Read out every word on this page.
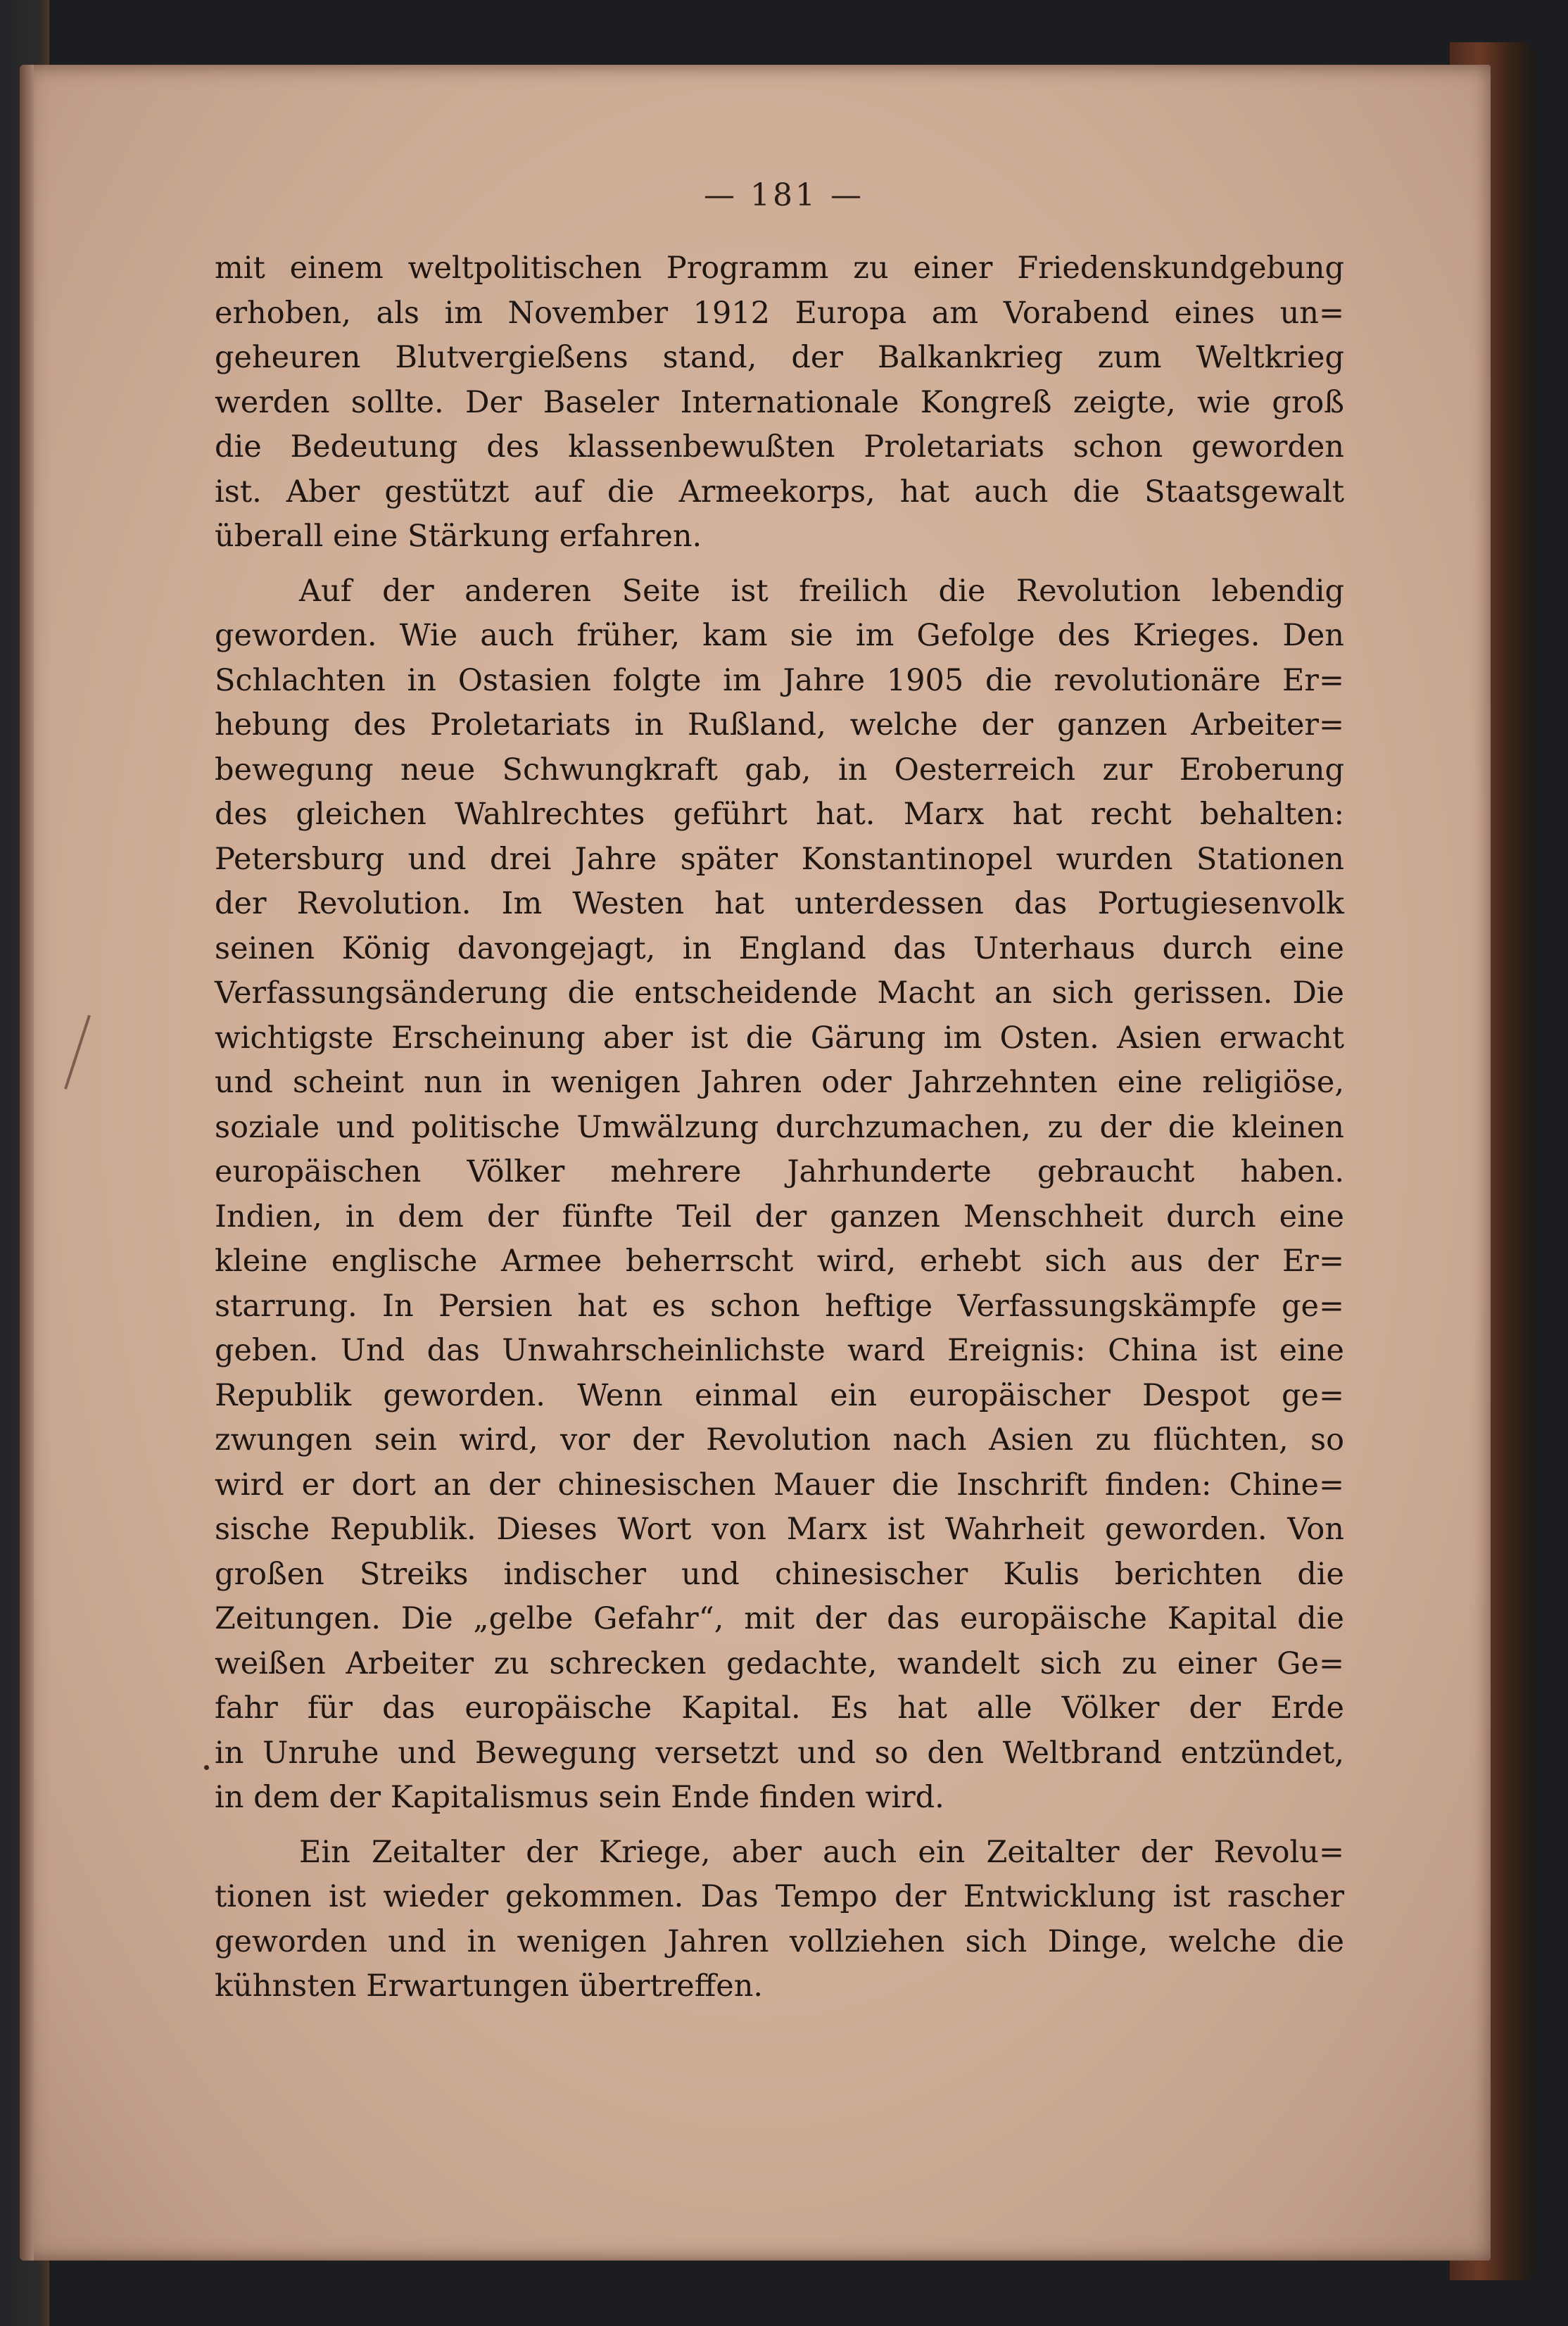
— 181 —
mit einem weltpolitischen Programm zu einer Friedenskundgebung
erhoben, als im November 1912 Europa am Vorabend eines un=
geheuren Blutvergießens stand, der Balkankrieg zum Weltkrieg
werden sollte. Der Baseler Internationale Kongreß zeigte, wie groß
die Bedeutung des klassenbewußten Proletariats schon geworden
ist. Aber gestützt auf die Armeekorps, hat auch die Staatsgewalt
überall eine Stärkung erfahren.
Auf der anderen Seite ist freilich die Revolution lebendig
geworden. Wie auch früher, kam sie im Gefolge des Krieges. Den
Schlachten in Ostasien folgte im Jahre 1905 die revolutionäre Er=
hebung des Proletariats in Rußland, welche der ganzen Arbeiter=
bewegung neue Schwungkraft gab, in Oesterreich zur Eroberung
des gleichen Wahlrechtes geführt hat. Marx hat recht behalten:
Petersburg und drei Jahre später Konstantinopel wurden Stationen
der Revolution. Im Westen hat unterdessen das Portugiesenvolk
seinen König davongejagt, in England das Unterhaus durch eine
Verfassungsänderung die entscheidende Macht an sich gerissen. Die
wichtigste Erscheinung aber ist die Gärung im Osten. Asien erwacht
und scheint nun in wenigen Jahren oder Jahrzehnten eine religiöse,
soziale und politische Umwälzung durchzumachen, zu der die kleinen
europäischen Völker mehrere Jahrhunderte gebraucht haben.
Indien, in dem der fünfte Teil der ganzen Menschheit durch eine
kleine englische Armee beherrscht wird, erhebt sich aus der Er=
starrung. In Persien hat es schon heftige Verfassungskämpfe ge=
geben. Und das Unwahrscheinlichste ward Ereignis: China ist eine
Republik geworden. Wenn einmal ein europäischer Despot ge=
zwungen sein wird, vor der Revolution nach Asien zu flüchten, so
wird er dort an der chinesischen Mauer die Inschrift finden: Chine=
sische Republik. Dieses Wort von Marx ist Wahrheit geworden. Von
großen Streiks indischer und chinesischer Kulis berichten die
Zeitungen. Die „gelbe Gefahr“, mit der das europäische Kapital die
weißen Arbeiter zu schrecken gedachte, wandelt sich zu einer Ge=
fahr für das europäische Kapital. Es hat alle Völker der Erde
in Unruhe und Bewegung versetzt und so den Weltbrand entzündet,
in dem der Kapitalismus sein Ende finden wird.
Ein Zeitalter der Kriege, aber auch ein Zeitalter der Revolu=
tionen ist wieder gekommen. Das Tempo der Entwicklung ist rascher
geworden und in wenigen Jahren vollziehen sich Dinge, welche die
kühnsten Erwartungen übertreffen.
